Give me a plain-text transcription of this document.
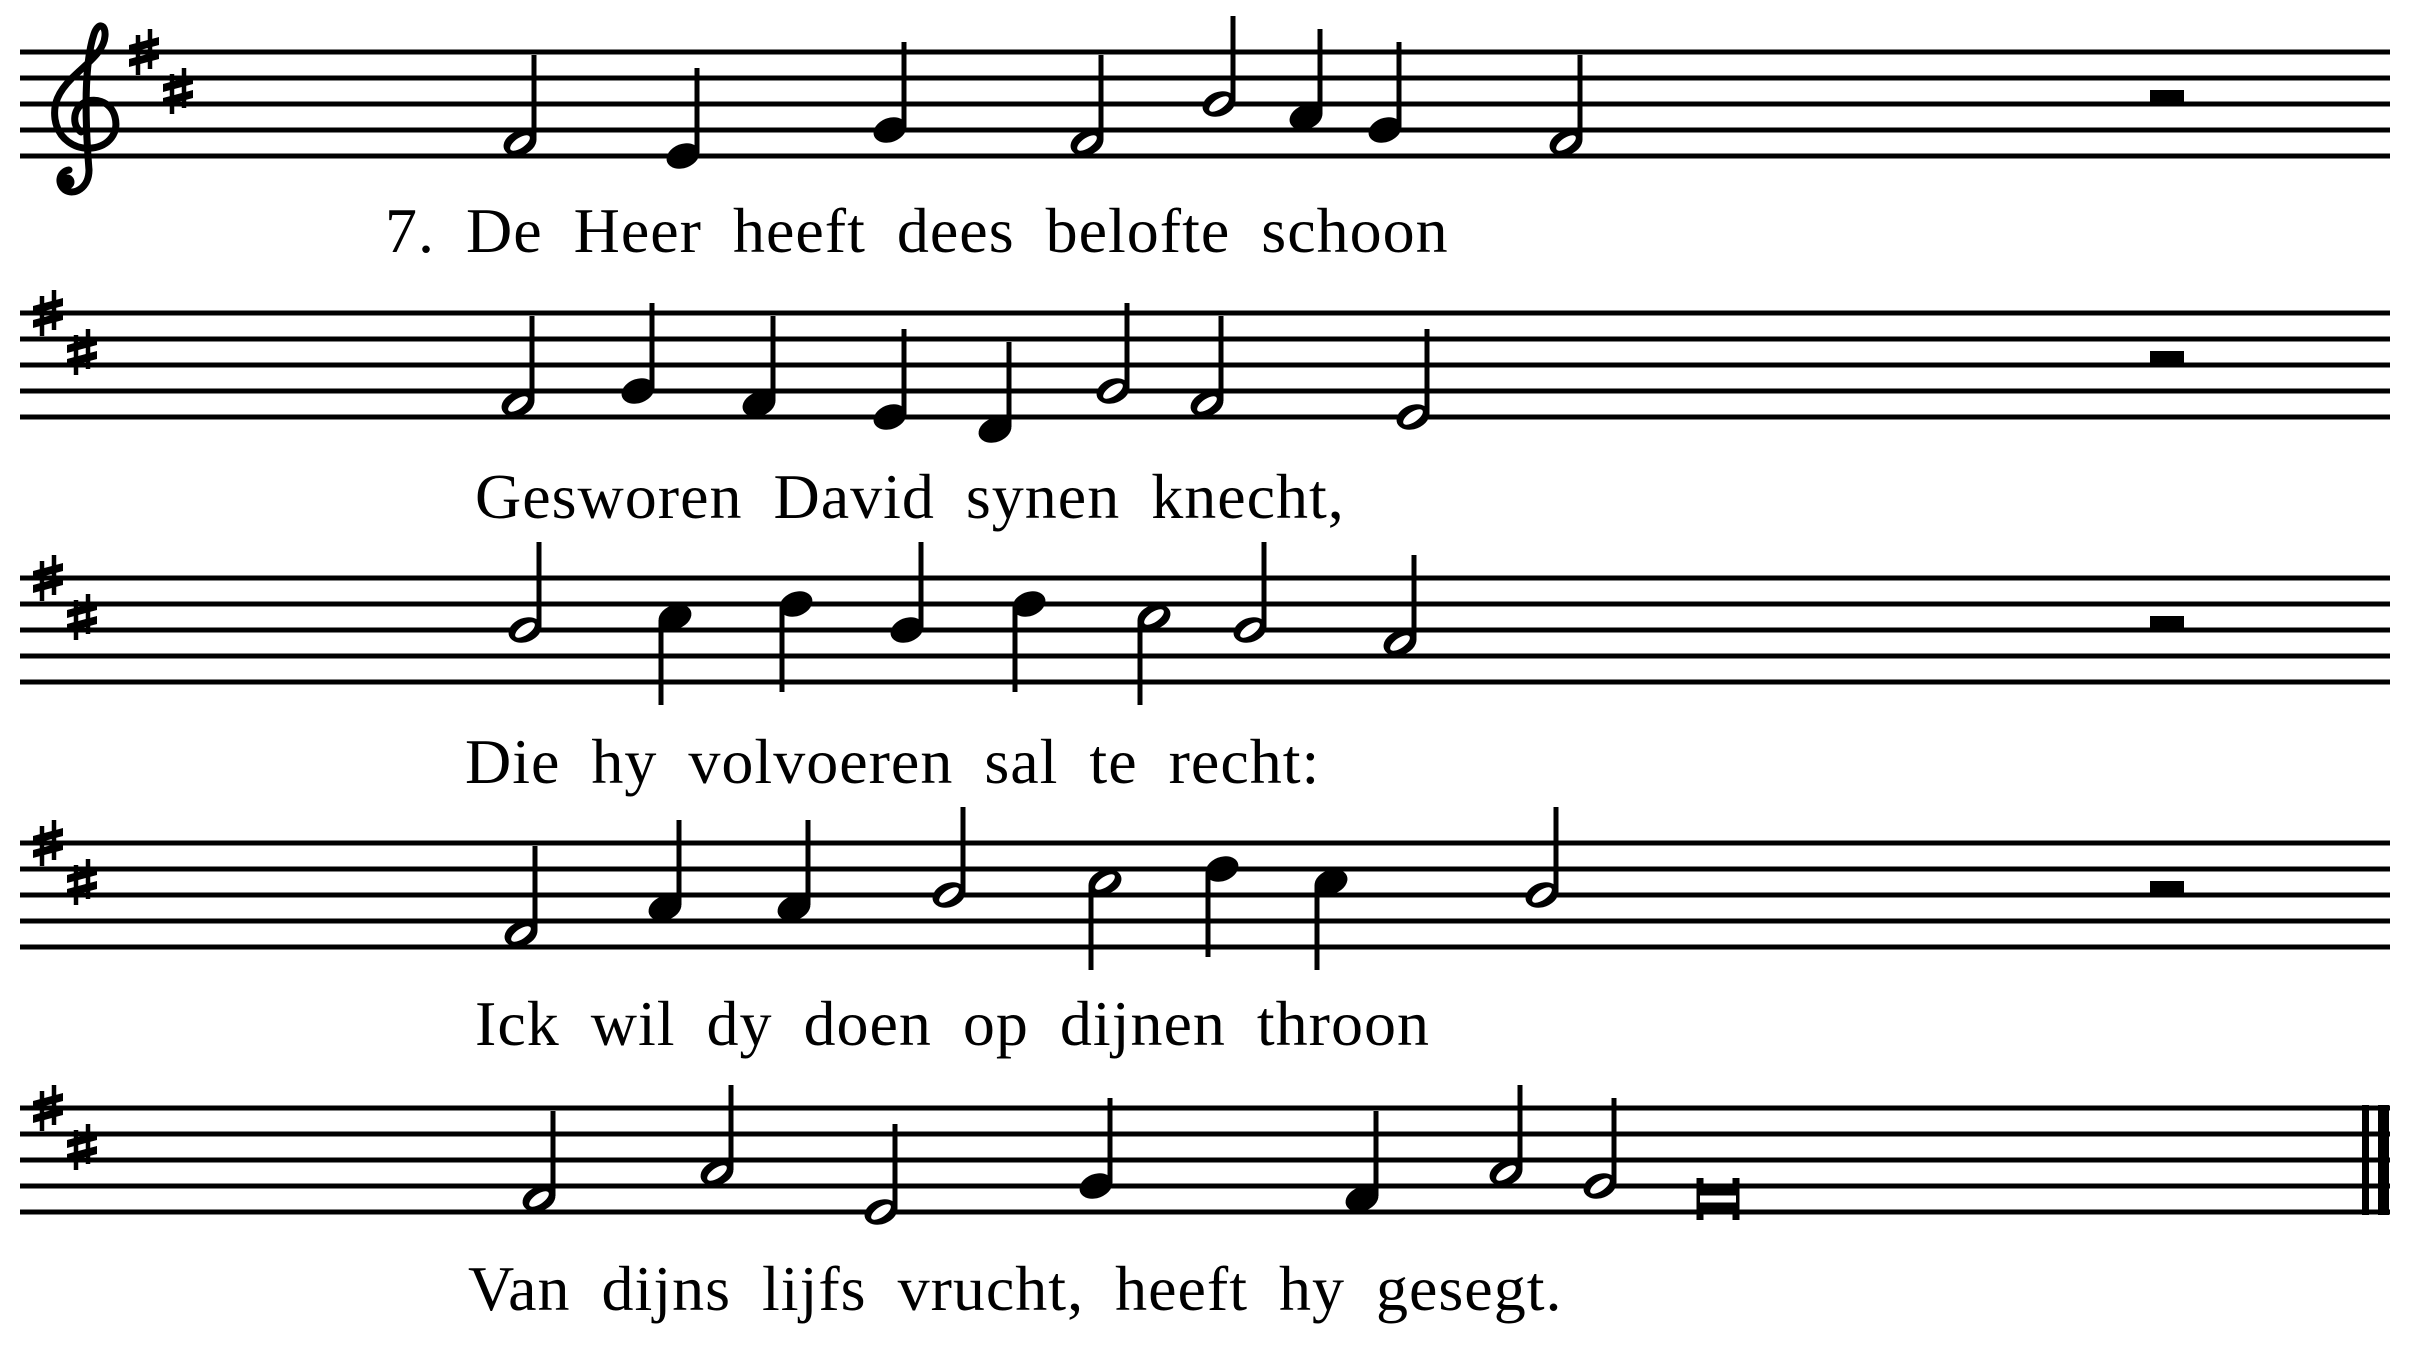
7. De Heer heeft dees belofte schoon
Gesworen David synen knecht,
Die hy volvoeren sal te recht:
Ick wil dy doen op dijnen throon
Van dijns lijfs vrucht, heeft hy gesegt.
